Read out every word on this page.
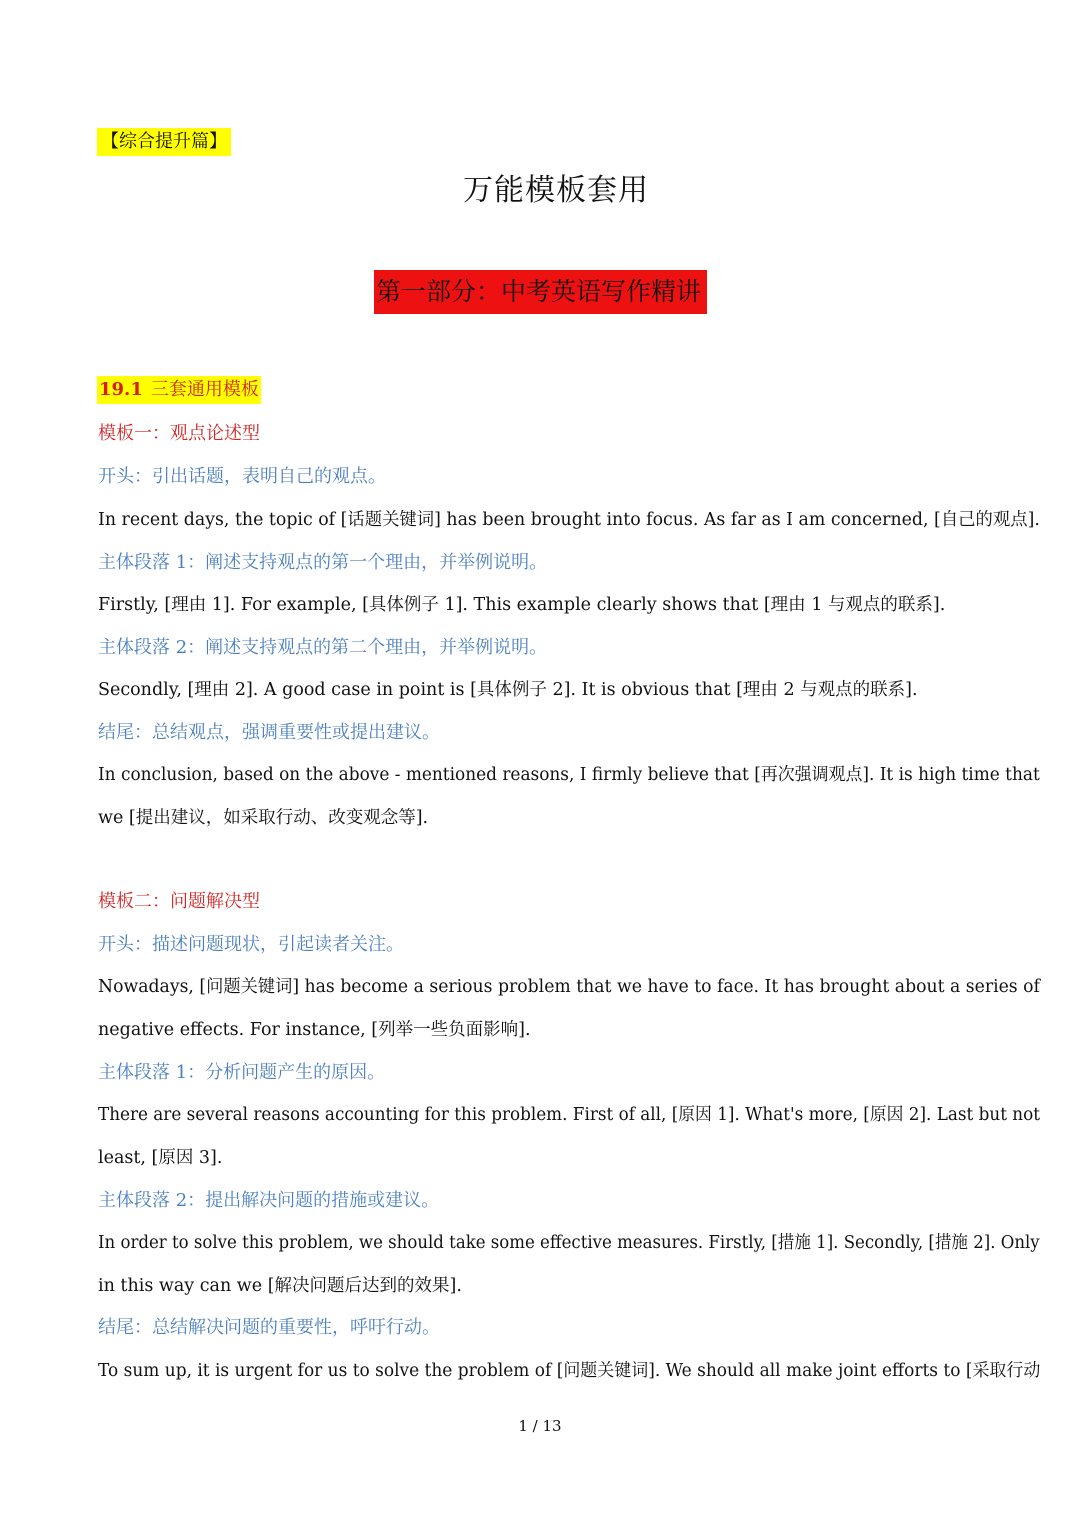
【综合提升篇】
万能模板套用
第一部分：中考英语写作精讲
19.1 三套通用模板
模板一：观点论述型
开头：引出话题，表明自己的观点。
In recent days, the topic of [话题关键词] has been brought into focus. As far as I am concerned, [自己的观点].
主体段落 1：阐述支持观点的第一个理由，并举例说明。
Firstly, [理由 1]. For example, [具体例子 1]. This example clearly shows that [理由 1 与观点的联系].
主体段落 2：阐述支持观点的第二个理由，并举例说明。
Secondly, [理由 2]. A good case in point is [具体例子 2]. It is obvious that [理由 2 与观点的联系].
结尾：总结观点，强调重要性或提出建议。
In conclusion, based on the above - mentioned reasons, I firmly believe that [再次强调观点]. It is high time that
we [提出建议，如采取行动、改变观念等].
模板二：问题解决型
开头：描述问题现状，引起读者关注。
Nowadays, [问题关键词] has become a serious problem that we have to face. It has brought about a series of
negative effects. For instance, [列举一些负面影响].
主体段落 1：分析问题产生的原因。
There are several reasons accounting for this problem. First of all, [原因 1]. What's more, [原因 2]. Last but not
least, [原因 3].
主体段落 2：提出解决问题的措施或建议。
In order to solve this problem, we should take some effective measures. Firstly, [措施 1]. Secondly, [措施 2]. Only
in this way can we [解决问题后达到的效果].
结尾：总结解决问题的重要性，呼吁行动。
To sum up, it is urgent for us to solve the problem of [问题关键词]. We should all make joint efforts to [采取行动
1 / 13
